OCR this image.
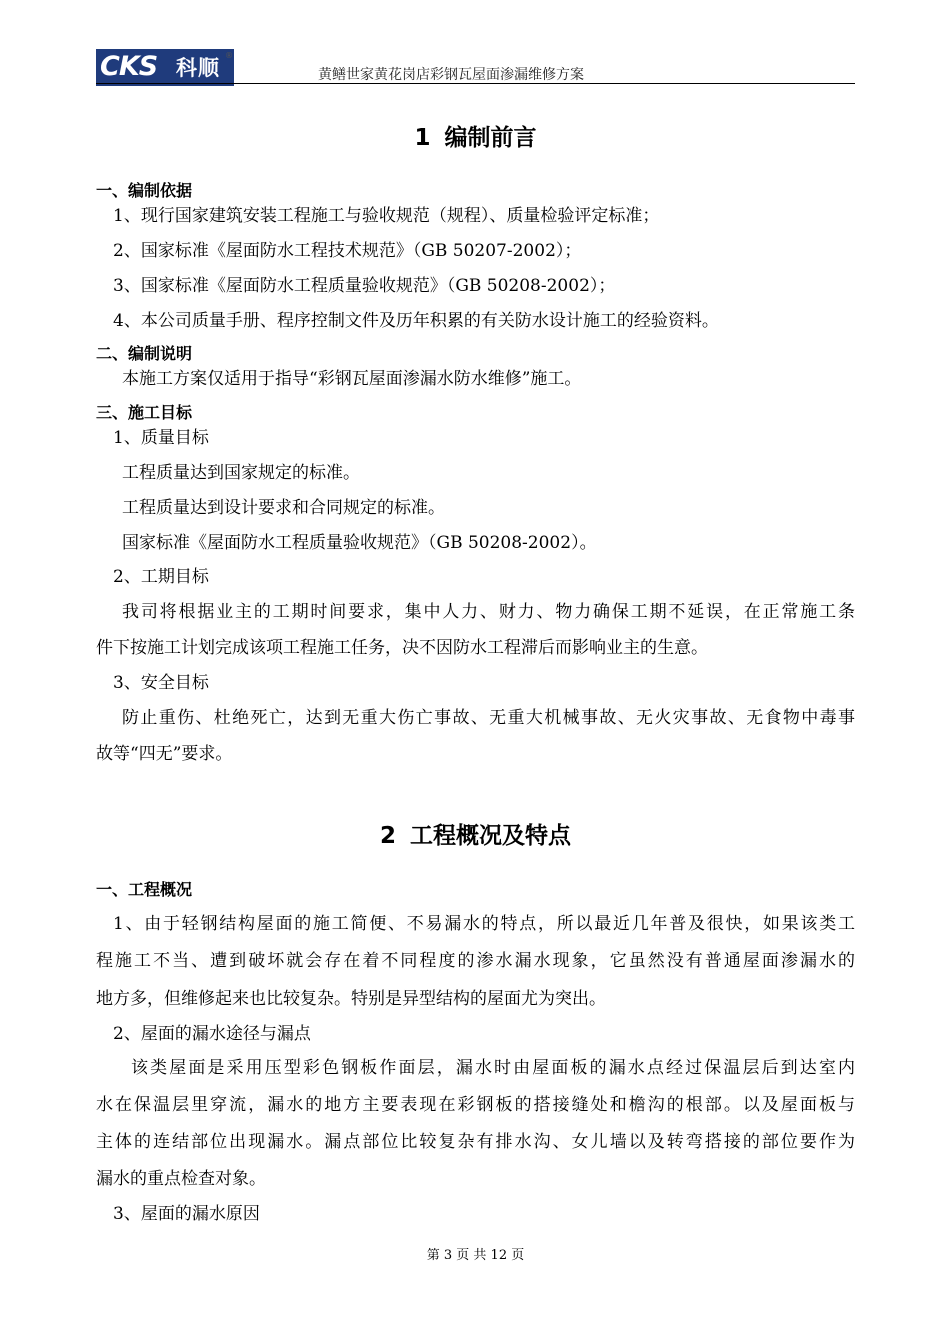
CKS 科顺
®
黄鳝世家黄花岗店彩钢瓦屋面渗漏维修方案
1 编制前言
一、编制依据
1、现行国家建筑安装工程施工与验收规范（规程）、质量检验评定标准；
2、国家标准《屋面防水工程技术规范》（GB 50207-2002）；
3、国家标准《屋面防水工程质量验收规范》（GB 50208-2002）；
4、本公司质量手册、程序控制文件及历年积累的有关防水设计施工的经验资料。
二、编制说明
本施工方案仅适用于指导“彩钢瓦屋面渗漏水防水维修”施工。
三、施工目标
1、质量目标
工程质量达到国家规定的标准。
工程质量达到设计要求和合同规定的标准。
国家标准《屋面防水工程质量验收规范》（GB 50208-2002）。
2、工期目标
我司将根据业主的工期时间要求，集中人力、财力、物力确保工期不延误，在正常施工条
件下按施工计划完成该项工程施工任务，决不因防水工程滞后而影响业主的生意。
3、安全目标
防止重伤、杜绝死亡，达到无重大伤亡事故、无重大机械事故、无火灾事故、无食物中毒事
故等“四无”要求。
2 工程概况及特点
一、工程概况
1、由于轻钢结构屋面的施工简便、不易漏水的特点，所以最近几年普及很快，如果该类工
程施工不当、遭到破坏就会存在着不同程度的渗水漏水现象，它虽然没有普通屋面渗漏水的
地方多，但维修起来也比较复杂。特别是异型结构的屋面尤为突出。
2、屋面的漏水途径与漏点
该类屋面是采用压型彩色钢板作面层，漏水时由屋面板的漏水点经过保温层后到达室内
水在保温层里穿流，漏水的地方主要表现在彩钢板的搭接缝处和檐沟的根部。以及屋面板与
主体的连结部位出现漏水。漏点部位比较复杂有排水沟、女儿墙以及转弯搭接的部位要作为
漏水的重点检查对象。
3、屋面的漏水原因
第 3 页 共 12 页
